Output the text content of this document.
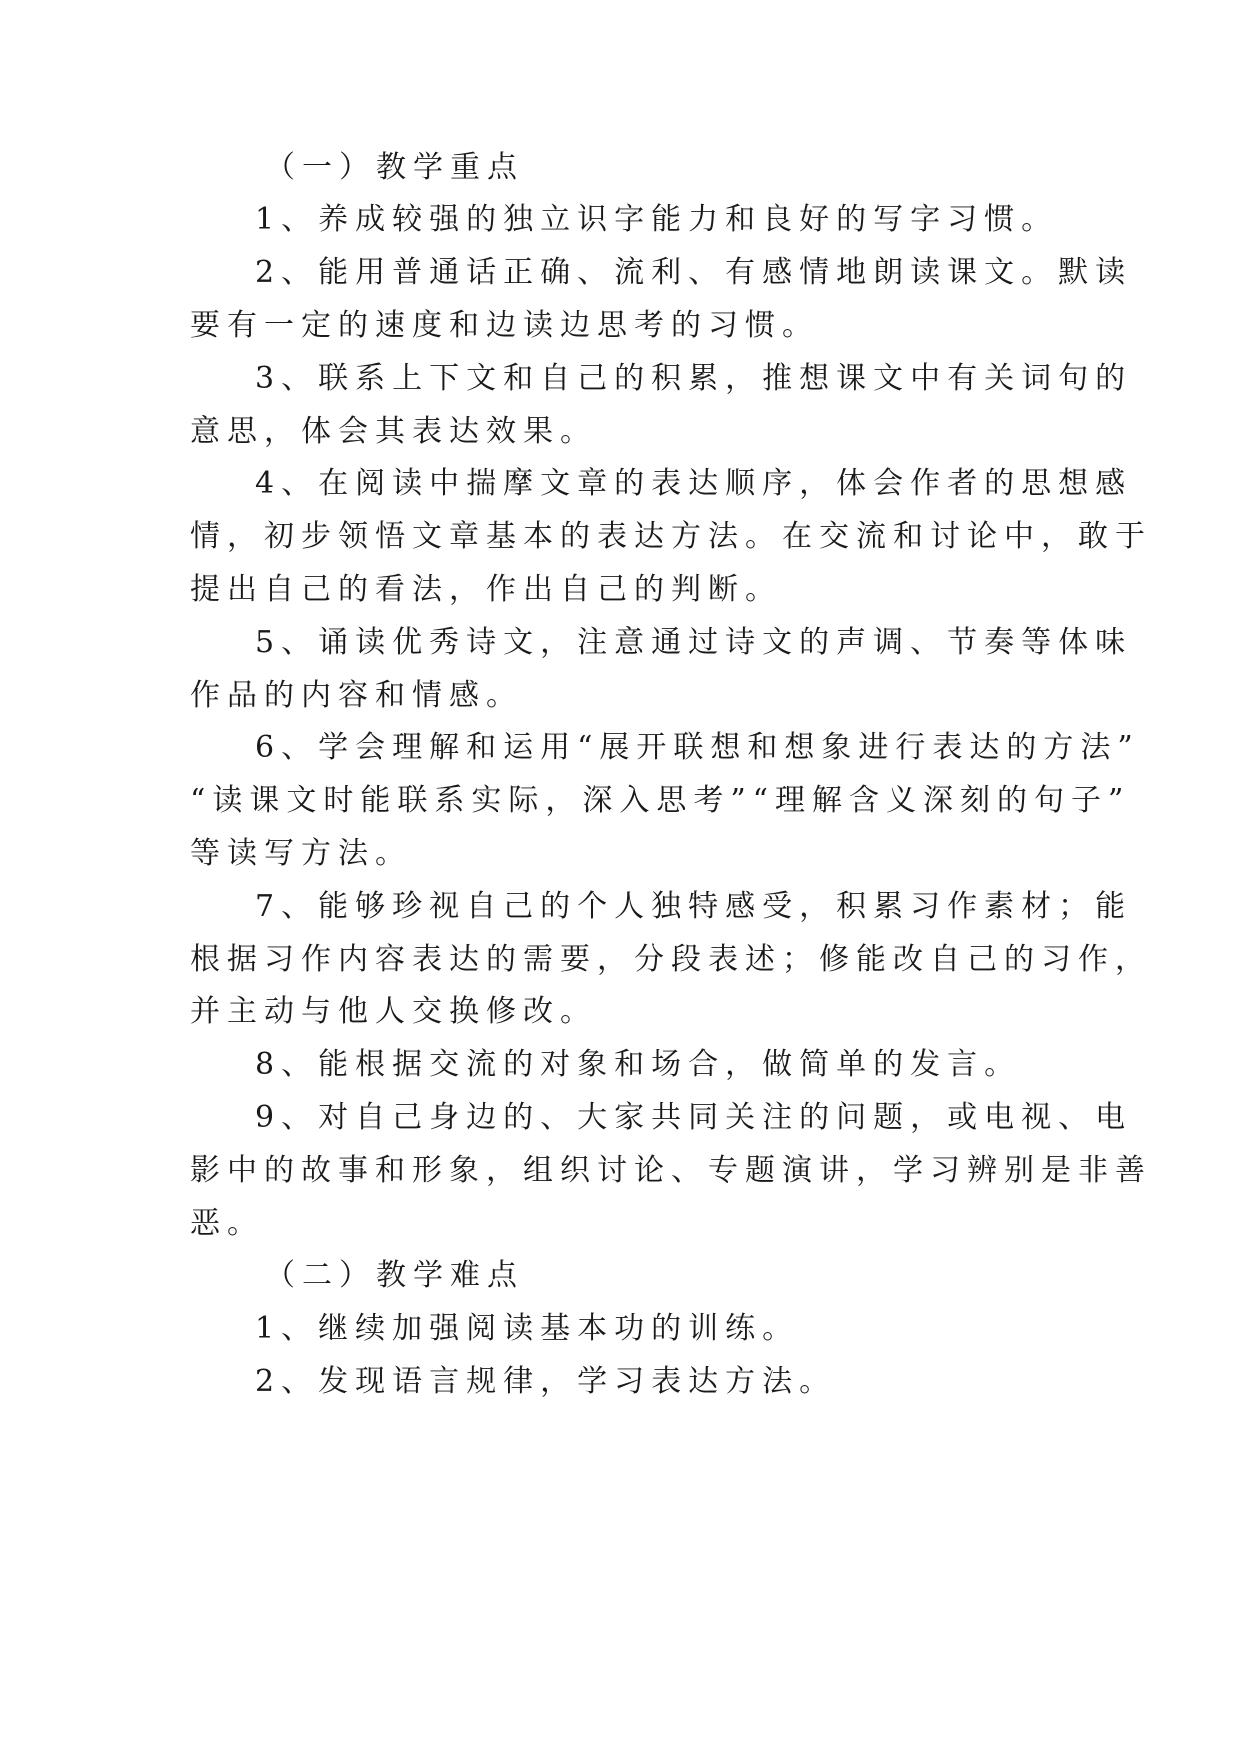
（一）教学重点
1、养成较强的独立识字能力和良好的写字习惯。
2、能用普通话正确、流利、有感情地朗读课文。默读
要有一定的速度和边读边思考的习惯。
3、联系上下文和自己的积累，推想课文中有关词句的
意思，体会其表达效果。
4、在阅读中揣摩文章的表达顺序，体会作者的思想感
情，初步领悟文章基本的表达方法。在交流和讨论中，敢于
提出自己的看法，作出自己的判断。
5、诵读优秀诗文，注意通过诗文的声调、节奏等体味
作品的内容和情感。
6、学会理解和运用“展开联想和想象进行表达的方法”
“读课文时能联系实际，深入思考”“理解含义深刻的句子”
等读写方法。
7、能够珍视自己的个人独特感受，积累习作素材；能
根据习作内容表达的需要，分段表述；修能改自己的习作，
并主动与他人交换修改。
8、能根据交流的对象和场合，做简单的发言。
9、对自己身边的、大家共同关注的问题，或电视、电
影中的故事和形象，组织讨论、专题演讲，学习辨别是非善
恶。
（二）教学难点
1、继续加强阅读基本功的训练。
2、发现语言规律，学习表达方法。
